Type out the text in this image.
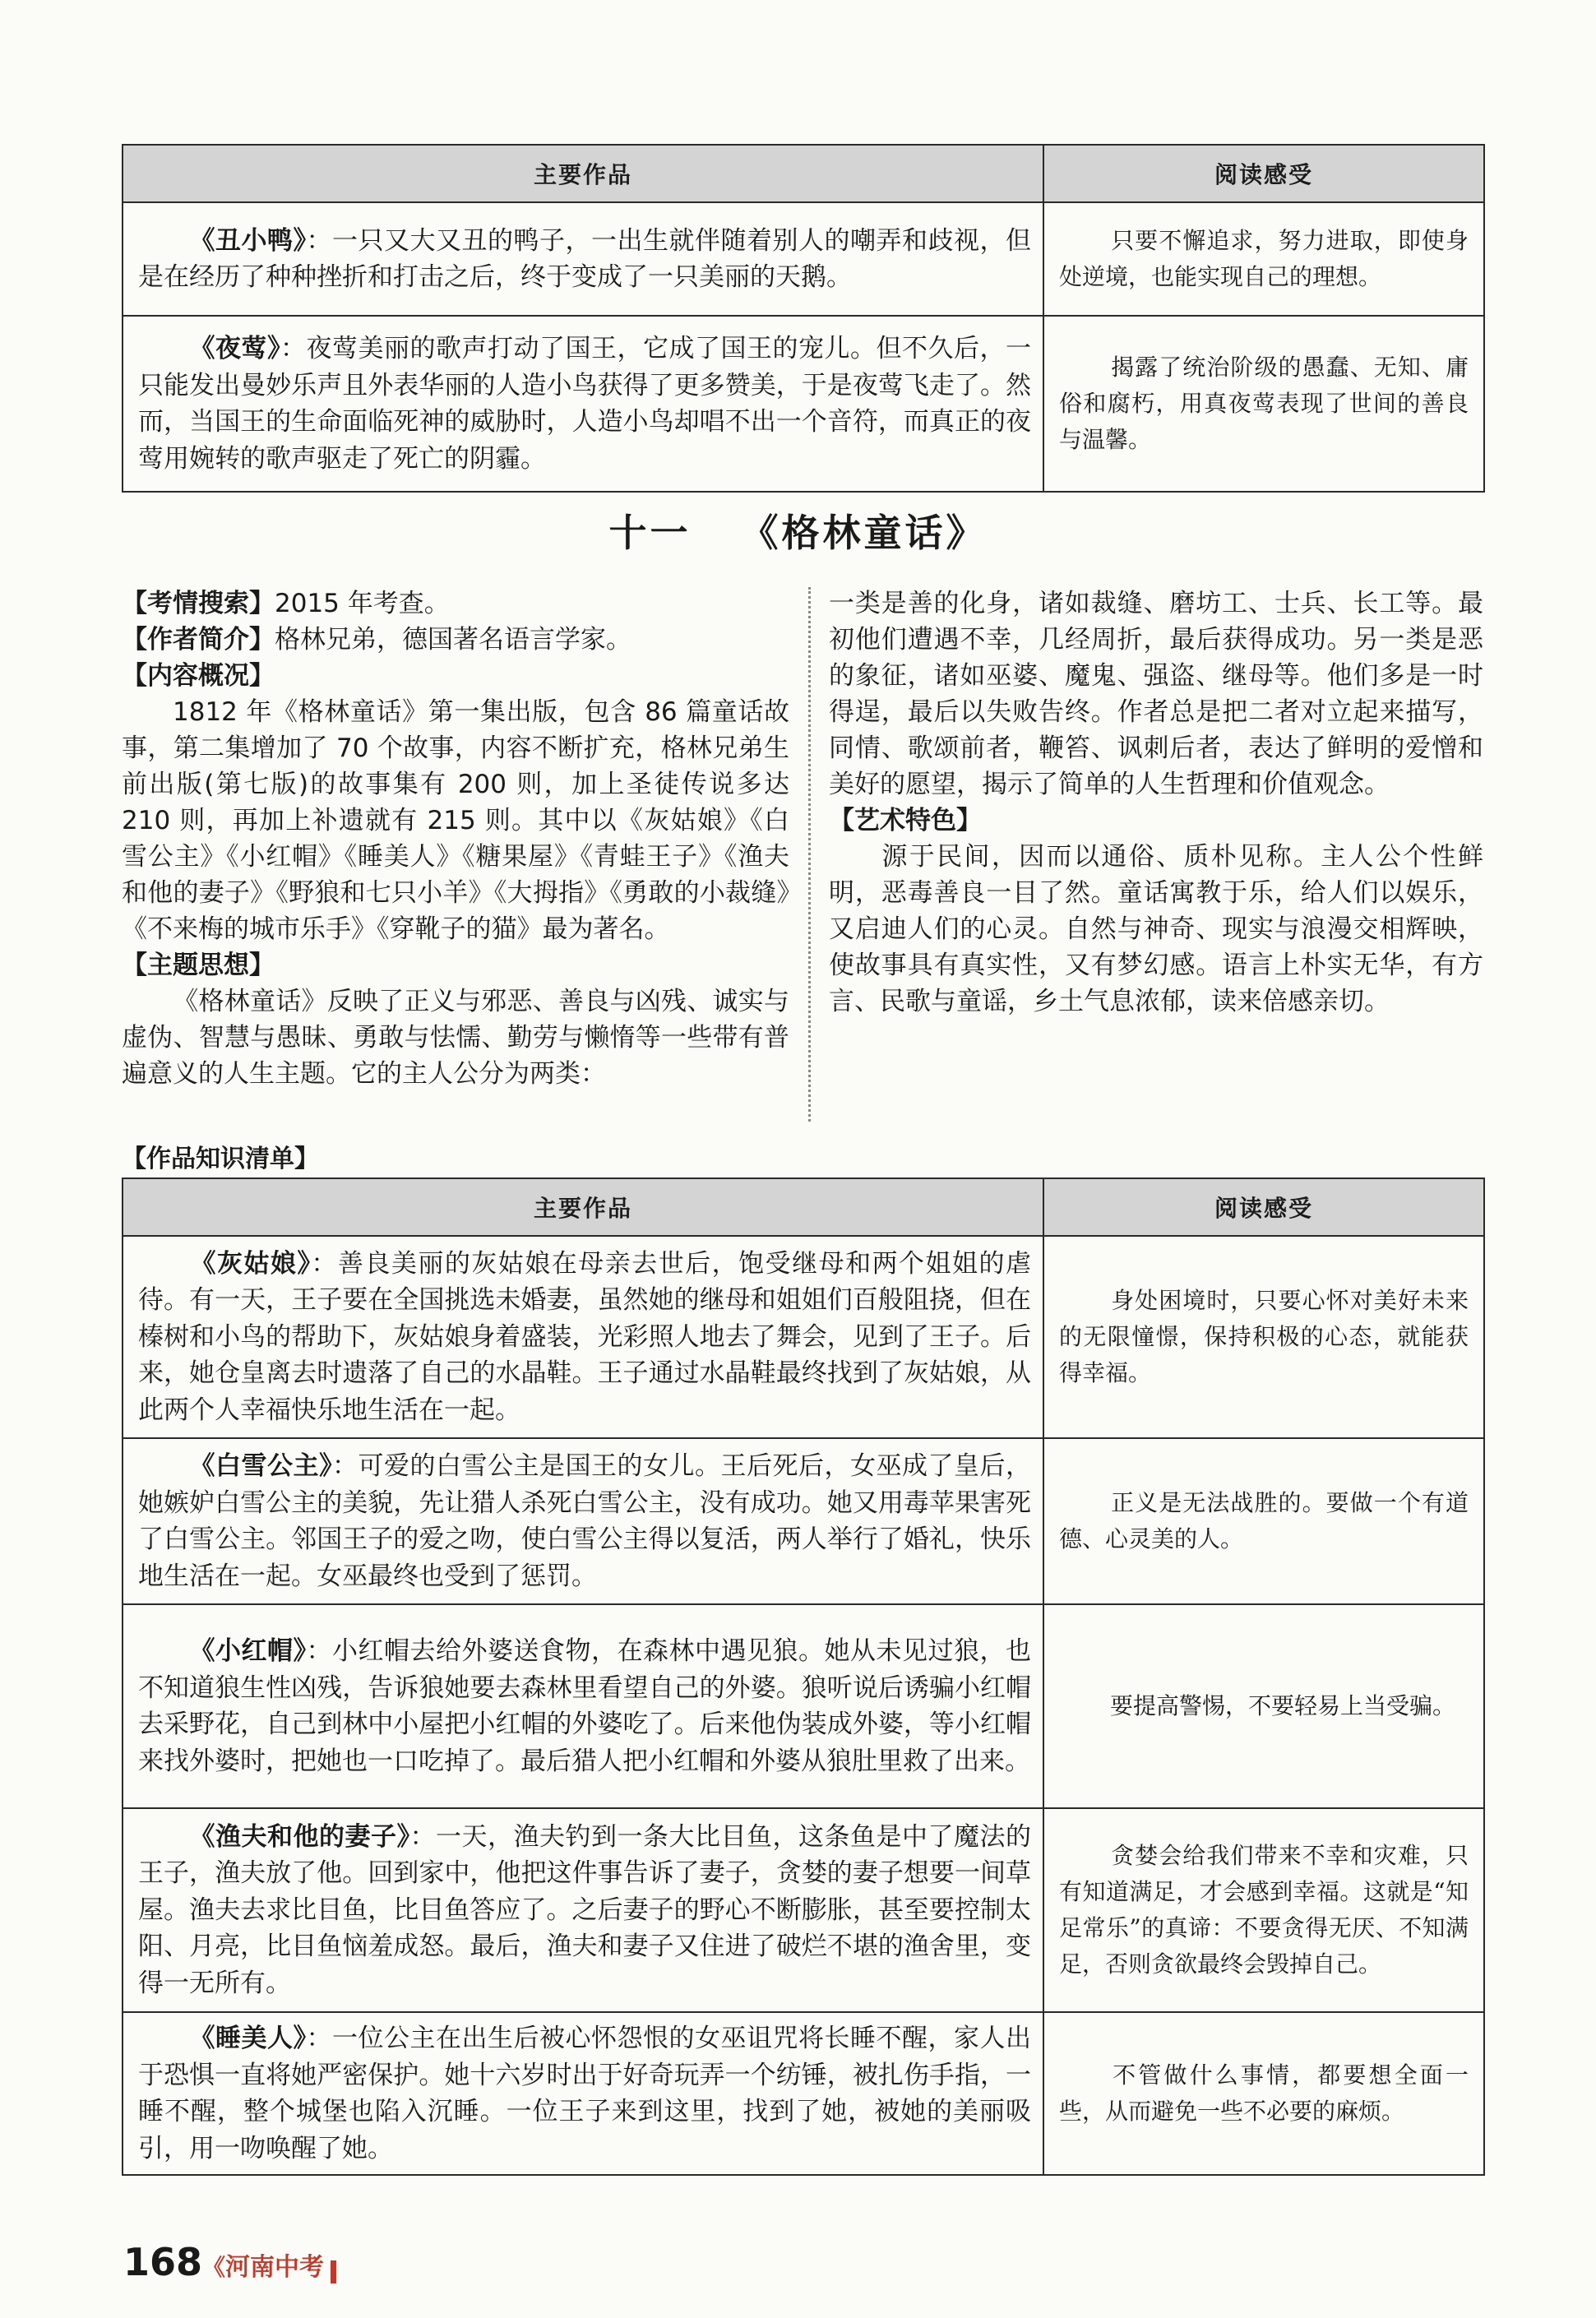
主要作品	阅读感受
《丑小鸭》：一只又大又丑的鸭子，一出生就伴随着别人的嘲弄和歧视，但是在经历了种种挫折和打击之后，终于变成了一只美丽的天鹅。	只要不懈追求，努力进取，即使身处逆境，也能实现自己的理想。
《夜莺》：夜莺美丽的歌声打动了国王，它成了国王的宠儿。但不久后，一只能发出曼妙乐声且外表华丽的人造小鸟获得了更多赞美，于是夜莺飞走了。然而，当国王的生命面临死神的威胁时，人造小鸟却唱不出一个音符，而真正的夜莺用婉转的歌声驱走了死亡的阴霾。	揭露了统治阶级的愚蠢、无知、庸俗和腐朽，用真夜莺表现了世间的善良与温馨。
十一 《格林童话》

【考情搜索】2015 年考查。

【作者简介】格林兄弟，德国著名语言学家。

【内容概况】

1812 年《格林童话》第一集出版，包含 86 篇童话故事，第二集增加了 70 个故事，内容不断扩充，格林兄弟生前出版(第七版)的故事集有 200 则，加上圣徒传说多达 210 则，再加上补遗就有 215 则。其中以《灰姑娘》《白雪公主》《小红帽》《睡美人》《糖果屋》《青蛙王子》《渔夫和他的妻子》《野狼和七只小羊》《大拇指》《勇敢的小裁缝》《不来梅的城市乐手》《穿靴子的猫》最为著名。

【主题思想】

《格林童话》反映了正义与邪恶、善良与凶残、诚实与虚伪、智慧与愚昧、勇敢与怯懦、勤劳与懒惰等一些带有普遍意义的人生主题。它的主人公分为两类：

一类是善的化身，诸如裁缝、磨坊工、士兵、长工等。最初他们遭遇不幸，几经周折，最后获得成功。另一类是恶的象征，诸如巫婆、魔鬼、强盗、继母等。他们多是一时得逞，最后以失败告终。作者总是把二者对立起来描写，同情、歌颂前者，鞭笞、讽刺后者，表达了鲜明的爱憎和美好的愿望，揭示了简单的人生哲理和价值观念。

【艺术特色】

源于民间，因而以通俗、质朴见称。主人公个性鲜明，恶毒善良一目了然。童话寓教于乐，给人们以娱乐，又启迪人们的心灵。自然与神奇、现实与浪漫交相辉映，使故事具有真实性，又有梦幻感。语言上朴实无华，有方言、民歌与童谣，乡土气息浓郁，读来倍感亲切。

【作品知识清单】
主要作品	阅读感受
《灰姑娘》：善良美丽的灰姑娘在母亲去世后，饱受继母和两个姐姐的虐待。有一天，王子要在全国挑选未婚妻，虽然她的继母和姐姐们百般阻挠，但在榛树和小鸟的帮助下，灰姑娘身着盛装，光彩照人地去了舞会，见到了王子。后来，她仓皇离去时遗落了自己的水晶鞋。王子通过水晶鞋最终找到了灰姑娘，从此两个人幸福快乐地生活在一起。	身处困境时，只要心怀对美好未来的无限憧憬，保持积极的心态，就能获得幸福。
《白雪公主》：可爱的白雪公主是国王的女儿。王后死后，女巫成了皇后，她嫉妒白雪公主的美貌，先让猎人杀死白雪公主，没有成功。她又用毒苹果害死了白雪公主。邻国王子的爱之吻，使白雪公主得以复活，两人举行了婚礼，快乐地生活在一起。女巫最终也受到了惩罚。	正义是无法战胜的。要做一个有道德、心灵美的人。
《小红帽》：小红帽去给外婆送食物，在森林中遇见狼。她从未见过狼，也不知道狼生性凶残，告诉狼她要去森林里看望自己的外婆。狼听说后诱骗小红帽去采野花，自己到林中小屋把小红帽的外婆吃了。后来他伪装成外婆，等小红帽来找外婆时，把她也一口吃掉了。最后猎人把小红帽和外婆从狼肚里救了出来。	要提高警惕，不要轻易上当受骗。
《渔夫和他的妻子》：一天，渔夫钓到一条大比目鱼，这条鱼是中了魔法的王子，渔夫放了他。回到家中，他把这件事告诉了妻子，贪婪的妻子想要一间草屋。渔夫去求比目鱼，比目鱼答应了。之后妻子的野心不断膨胀，甚至要控制太阳、月亮，比目鱼恼羞成怒。最后，渔夫和妻子又住进了破烂不堪的渔舍里，变得一无所有。	贪婪会给我们带来不幸和灾难，只有知道满足，才会感到幸福。这就是“知足常乐”的真谛：不要贪得无厌、不知满足，否则贪欲最终会毁掉自己。
《睡美人》：一位公主在出生后被心怀怨恨的女巫诅咒将长睡不醒，家人出于恐惧一直将她严密保护。她十六岁时出于好奇玩弄一个纺锤，被扎伤手指，一睡不醒，整个城堡也陷入沉睡。一位王子来到这里，找到了她，被她的美丽吸引，用一吻唤醒了她。	不管做什么事情，都要想全面一些，从而避免一些不必要的麻烦。
168《河南中考
